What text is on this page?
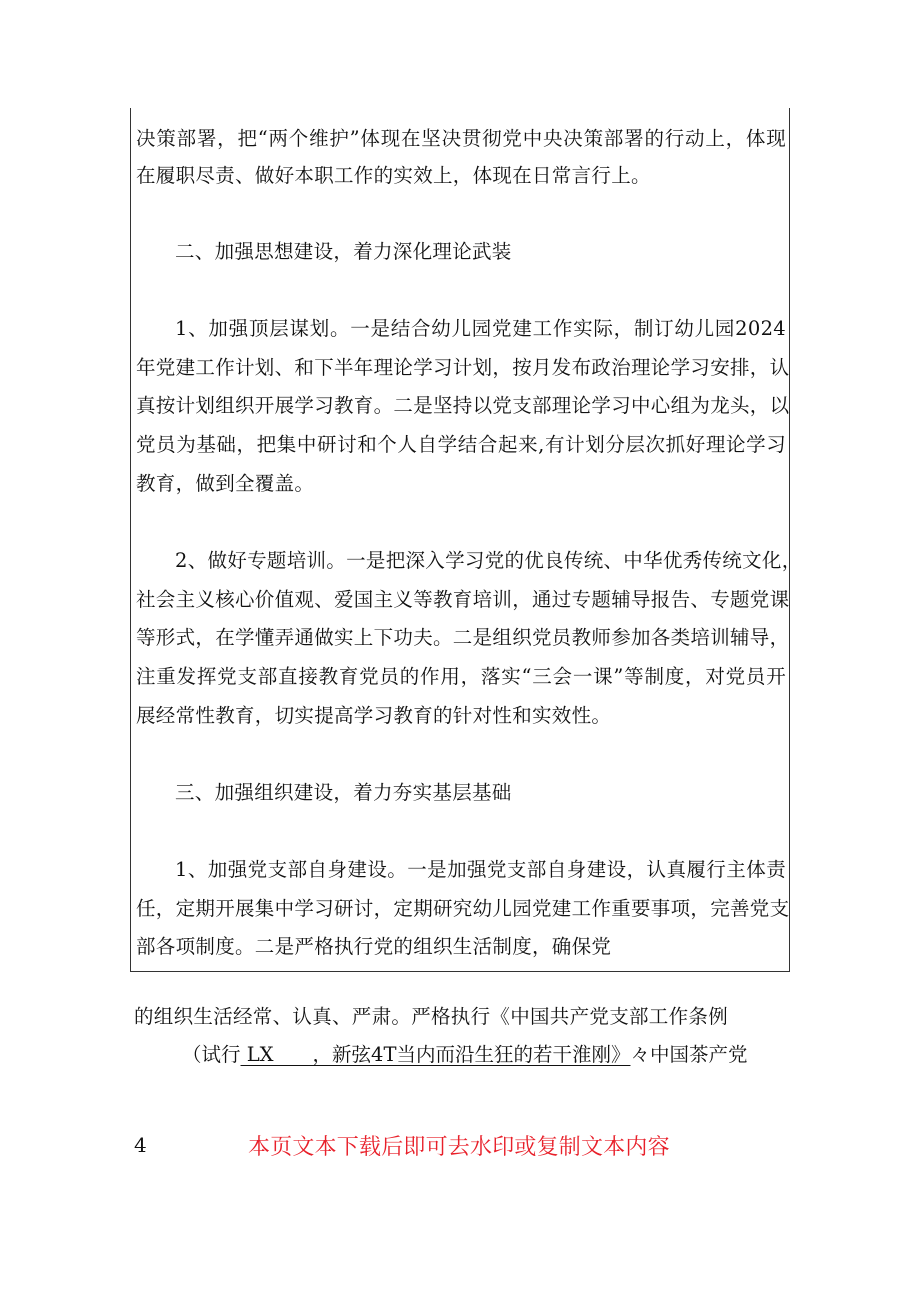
决策部署，把“两个维护”体现在坚决贯彻党中央决策部署的行动上，体现
在履职尽责、做好本职工作的实效上，体现在日常言行上。
二、加强思想建设，着力深化理论武装
1、加强顶层谋划。一是结合幼儿园党建工作实际，制订幼儿园2024
年党建工作计划、和下半年理论学习计划，按月发布政治理论学习安排，认
真按计划组织开展学习教育。二是坚持以党支部理论学习中心组为龙头，以
党员为基础，把集中研讨和个人自学结合起来,有计划分层次抓好理论学习
教育，做到全覆盖。
2、做好专题培训。一是把深入学习党的优良传统、中华优秀传统文化，
社会主义核心价值观、爱国主义等教育培训，通过专题辅导报告、专题党课
等形式，在学懂弄通做实上下功夫。二是组织党员教师参加各类培训辅导，
注重发挥党支部直接教育党员的作用，落实“三会一课”等制度，对党员开
展经常性教育，切实提高学习教育的针对性和实效性。
三、加强组织建设，着力夯实基层基础
1、加强党支部自身建设。一是加强党支部自身建设，认真履行主体责
任，定期开展集中学习研讨，定期研究幼儿园党建工作重要事项，完善党支
部各项制度。二是严格执行党的组织生活制度，确保党
的组织生活经常、认真、严肃。严格执行《中国共产党支部工作条例
（试行 LX　　，新弦4T当内而沿生狂的若干淮刚》々中国茶产党
4	本页文本下载后即可去水印或复制文本内容
